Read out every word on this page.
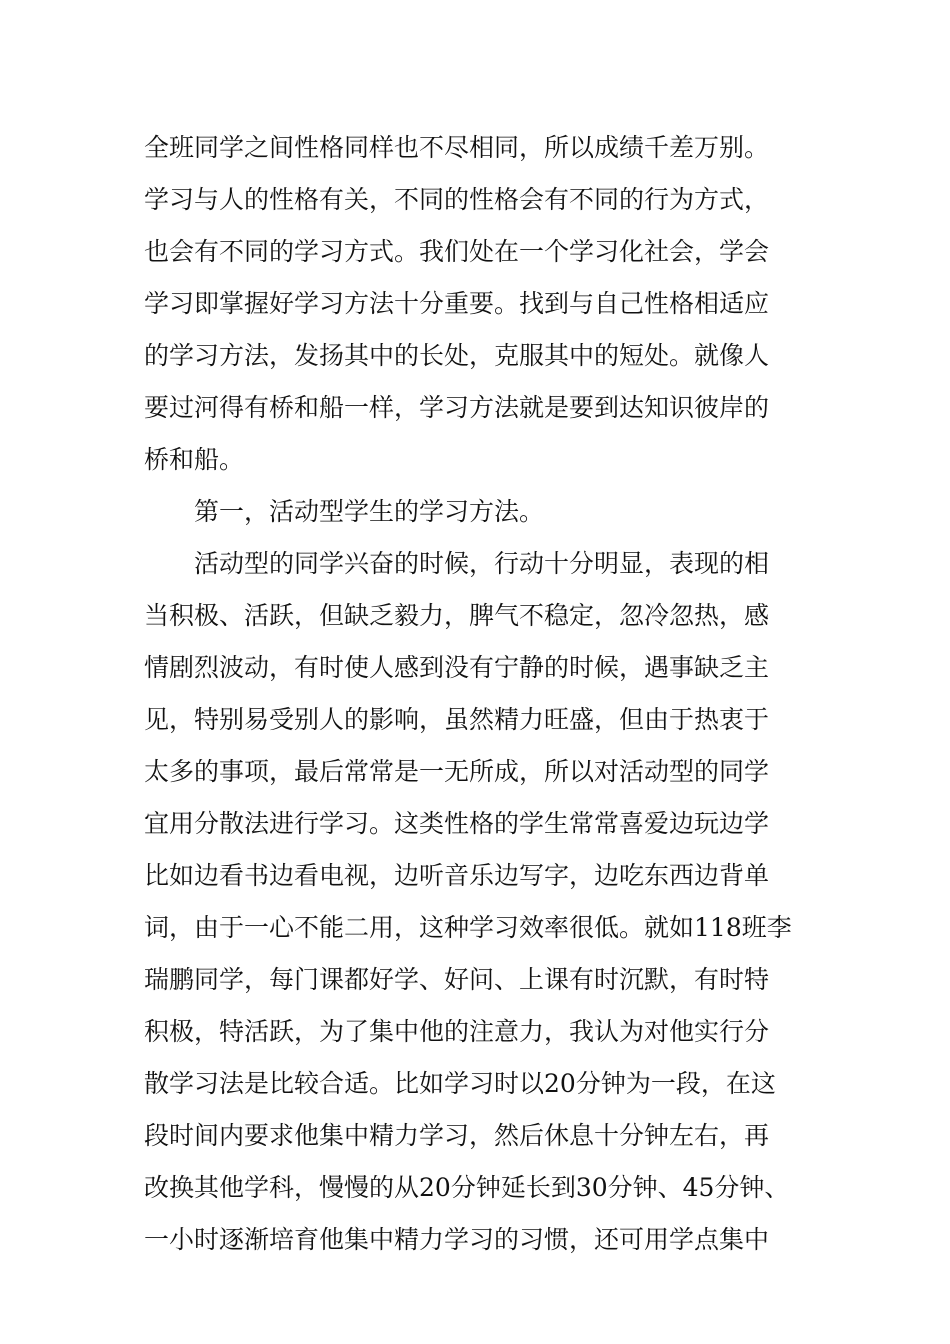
全班同学之间性格同样也不尽相同，所以成绩千差万别。
学习与人的性格有关，不同的性格会有不同的行为方式，
也会有不同的学习方式。我们处在一个学习化社会，学会
学习即掌握好学习方法十分重要。找到与自己性格相适应
的学习方法，发扬其中的长处，克服其中的短处。就像人
要过河得有桥和船一样，学习方法就是要到达知识彼岸的
桥和船。
第一，活动型学生的学习方法。
活动型的同学兴奋的时候，行动十分明显，表现的相
当积极、活跃，但缺乏毅力，脾气不稳定，忽冷忽热，感
情剧烈波动，有时使人感到没有宁静的时候，遇事缺乏主
见，特别易受别人的影响，虽然精力旺盛，但由于热衷于
太多的事项，最后常常是一无所成，所以对活动型的同学
宜用分散法进行学习。这类性格的学生常常喜爱边玩边学
比如边看书边看电视，边听音乐边写字，边吃东西边背单
词，由于一心不能二用，这种学习效率很低。就如118班李
瑞鹏同学，每门课都好学、好问、上课有时沉默，有时特
积极，特活跃，为了集中他的注意力，我认为对他实行分
散学习法是比较合适。比如学习时以20分钟为一段，在这
段时间内要求他集中精力学习，然后休息十分钟左右，再
改换其他学科，慢慢的从20分钟延长到30分钟、45分钟、
一小时逐渐培育他集中精力学习的习惯，还可用学点集中
